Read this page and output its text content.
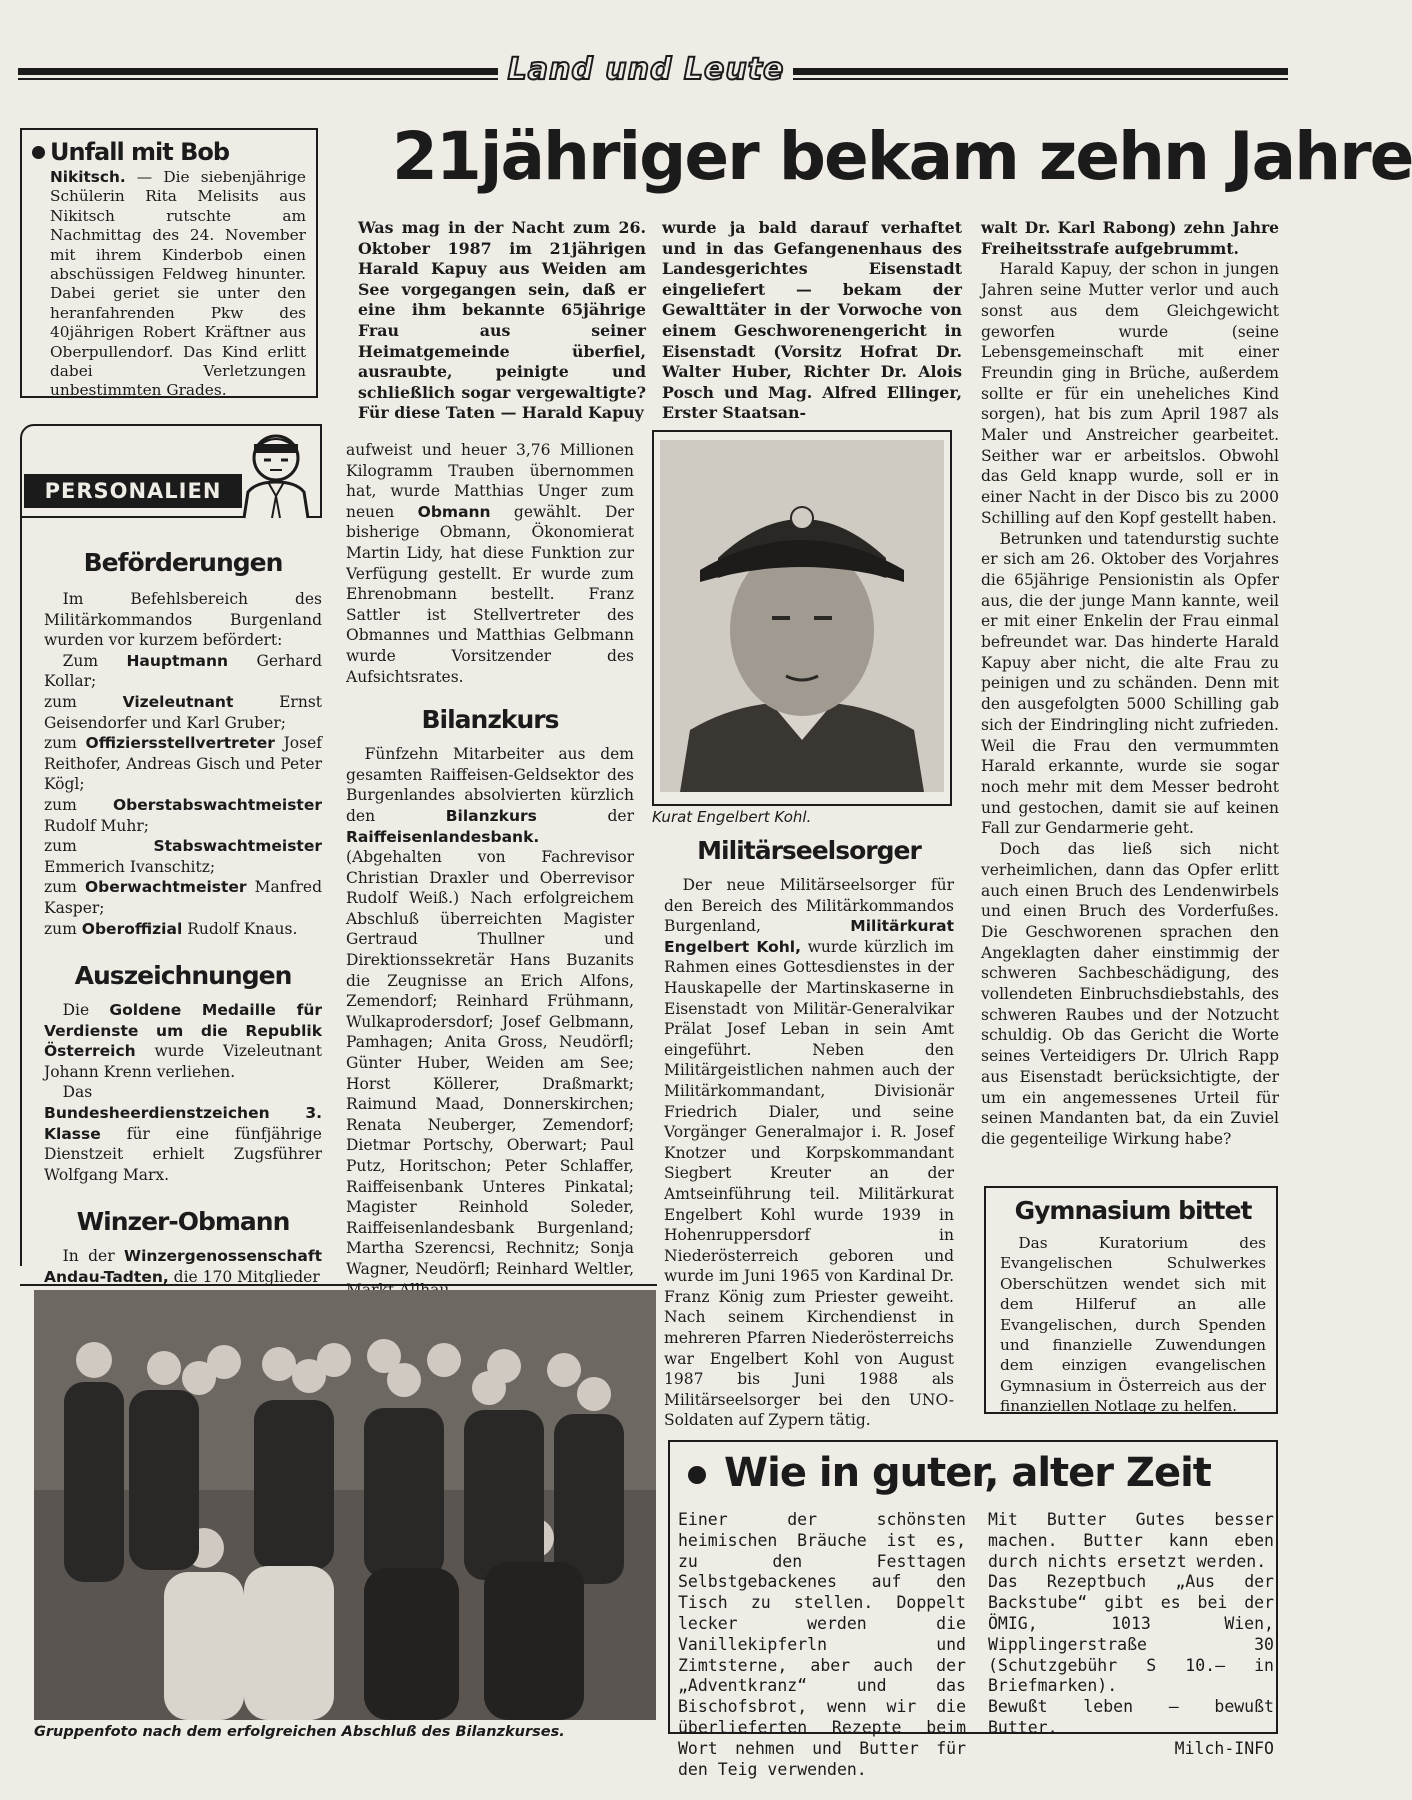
Land und Leute
Unfall mit Bob
Nikitsch. — Die siebenjährige Schülerin Rita Melisits aus Nikitsch rutschte am Nachmittag des 24. November mit ihrem Kinderbob einen abschüssigen Feldweg hinunter. Dabei geriet sie unter den heranfahrenden Pkw des 40jährigen Robert Kräftner aus Oberpullendorf. Das Kind erlitt dabei Verletzungen unbestimmten Grades.
21jähriger bekam zehn Jahre
Was mag in der Nacht zum 26. Oktober 1987 im 21jährigen Harald Kapuy aus Weiden am See vorgegangen sein, daß er eine ihm bekannte 65jährige Frau aus seiner Heimatgemeinde überfiel, ausraubte, peinigte und schließlich sogar vergewaltigte? Für diese Taten — Harald Kapuy
wurde ja bald darauf verhaftet und in das Gefangenenhaus des Landesgerichtes Eisenstadt eingeliefert — bekam der Gewalttäter in der Vorwoche von einem Geschworenengericht in Eisenstadt (Vorsitz Hofrat Dr. Walter Huber, Richter Dr. Alois Posch und Mag. Alfred Ellinger, Erster Staatsan-

walt Dr. Karl Rabong) zehn Jahre Freiheitsstrafe aufgebrummt.

Harald Kapuy, der schon in jungen Jahren seine Mutter verlor und auch sonst aus dem Gleichgewicht geworfen wurde (seine Lebensgemeinschaft mit einer Freundin ging in Brüche, außerdem sollte er für ein uneheliches Kind sorgen), hat bis zum April 1987 als Maler und Anstreicher gearbeitet. Seither war er arbeitslos. Obwohl das Geld knapp wurde, soll er in einer Nacht in der Disco bis zu 2000 Schilling auf den Kopf gestellt haben.

Betrunken und tatendurstig suchte er sich am 26. Oktober des Vorjahres die 65jährige Pensionistin als Opfer aus, die der junge Mann kannte, weil er mit einer Enkelin der Frau einmal befreundet war. Das hinderte Harald Kapuy aber nicht, die alte Frau zu peinigen und zu schänden. Denn mit den ausgefolgten 5000 Schilling gab sich der Eindringling nicht zufrieden. Weil die Frau den vermummten Harald erkannte, wurde sie sogar noch mehr mit dem Messer bedroht und gestochen, damit sie auf keinen Fall zur Gendarmerie geht.

Doch das ließ sich nicht verheimlichen, dann das Opfer erlitt auch einen Bruch des Lendenwirbels und einen Bruch des Vorderfußes. Die Geschworenen sprachen den Angeklagten daher einstimmig der schweren Sachbeschädigung, des vollendeten Einbruchsdiebstahls, des schweren Raubes und der Notzucht schuldig. Ob das Gericht die Worte seines Verteidigers Dr. Ulrich Rapp aus Eisenstadt berücksichtigte, der um ein angemessenes Urteil für seinen Mandanten bat, da ein Zuviel die gegenteilige Wirkung habe?

PERSONALIEN
Beförderungen

Im Befehlsbereich des Militärkommandos Burgenland wurden vor kurzem befördert:

Zum Hauptmann Gerhard Kollar;

zum Vizeleutnant Ernst Geisendorfer und Karl Gruber;

zum Offiziersstellvertreter Josef Reithofer, Andreas Gisch und Peter Kögl;

zum Oberstabswachtmeister Rudolf Muhr;

zum Stabswachtmeister Emmerich Ivanschitz;

zum Oberwachtmeister Manfred Kasper;

zum Oberoffizial Rudolf Knaus.

Auszeichnungen

Die Goldene Medaille für Verdienste um die Republik Österreich wurde Vizeleutnant Johann Krenn verliehen.

Das Bundesheerdienstzeichen 3. Klasse für eine fünfjährige Dienstzeit erhielt Zugsführer Wolfgang Marx.

Winzer-Obmann

In der Winzergenossenschaft Andau-Tadten, die 170 Mitglieder

aufweist und heuer 3,76 Millionen Kilogramm Trauben übernommen hat, wurde Matthias Unger zum neuen Obmann gewählt. Der bisherige Obmann, Ökonomierat Martin Lidy, hat diese Funktion zur Verfügung gestellt. Er wurde zum Ehrenobmann bestellt. Franz Sattler ist Stellvertreter des Obmannes und Matthias Gelbmann wurde Vorsitzender des Aufsichtsrates.

Bilanzkurs

Fünfzehn Mitarbeiter aus dem gesamten Raiffeisen-Geldsektor des Burgenlandes absolvierten kürzlich den Bilanzkurs der Raiffeisenlandesbank. (Abgehalten von Fachrevisor Christian Draxler und Oberrevisor Rudolf Weiß.) Nach erfolgreichem Abschluß überreichten Magister Gertraud Thullner und Direktionssekretär Hans Buzanits die Zeugnisse an Erich Alfons, Zemendorf; Reinhard Frühmann, Wulkaprodersdorf; Josef Gelbmann, Pamhagen; Anita Gross, Neudörfl; Günter Huber, Weiden am See; Horst Köllerer, Draßmarkt; Raimund Maad, Donnerskirchen; Renata Neuberger, Zemendorf; Dietmar Portschy, Oberwart; Paul Putz, Horitschon; Peter Schlaffer, Raiffeisenbank Unteres Pinkatal; Magister Reinhold Soleder, Raiffeisenlandesbank Burgenland; Martha Szerencsi, Rechnitz; Sonja Wagner, Neudörfl; Reinhard Weltler,

Kurat Engelbert Kohl.
Militärseelsorger

Der neue Militärseelsorger für den Bereich des Militärkommandos Burgenland, Militärkurat Engelbert Kohl, wurde kürzlich im Rahmen eines Gottesdienstes in der Hauskapelle der Martinskaserne in Eisenstadt von Militär-Generalvikar Prälat Josef Leban in sein Amt eingeführt. Neben den Militärgeistlichen nahmen auch der Militärkommandant, Divisionär Friedrich Dialer, und seine Vorgänger Generalmajor i. R. Josef Knotzer und Korpskommandant Siegbert Kreuter an der Amtseinführung teil. Militärkurat Engelbert Kohl wurde 1939 in Hohenruppersdorf in Niederösterreich geboren und wurde im Juni 1965 von Kardinal Dr. Franz König zum Priester geweiht. Nach seinem Kirchendienst in mehreren Pfarren Niederösterreichs war Engelbert Kohl von August 1987 bis Juni 1988 als Militärseelsorger bei den UNO-Soldaten auf Zypern tätig.

Gruppenfoto nach dem erfolgreichen Abschluß des Bilanzkurses.
Gymnasium bittet

Das Kuratorium des Evangelischen Schulwerkes Oberschützen wendet sich mit dem Hilferuf an alle Evangelischen, durch Spenden und finanzielle Zuwendungen dem einzigen evangelischen Gymnasium in Österreich aus der finanziellen Notlage zu helfen.

Wie in guter, alter Zeit

Einer der schönsten heimischen Bräuche ist es, zu den Festtagen Selbstgebackenes auf den Tisch zu stellen. Doppelt lecker werden die Vanillekipferln und Zimtsterne, aber auch der „Adventkranz“ und das Bischofsbrot, wenn wir die überlieferten Rezepte beim Wort nehmen und Butter für den Teig verwenden.

Mit Butter Gutes besser machen. Butter kann eben durch nichts ersetzt werden.

Das Rezeptbuch „Aus der Backstube“ gibt es bei der ÖMIG, 1013 Wien, Wipplingerstraße 30 (Schutzgebühr S 10.— in Briefmarken).

Bewußt leben — bewußt Butter.

Milch-INFO
